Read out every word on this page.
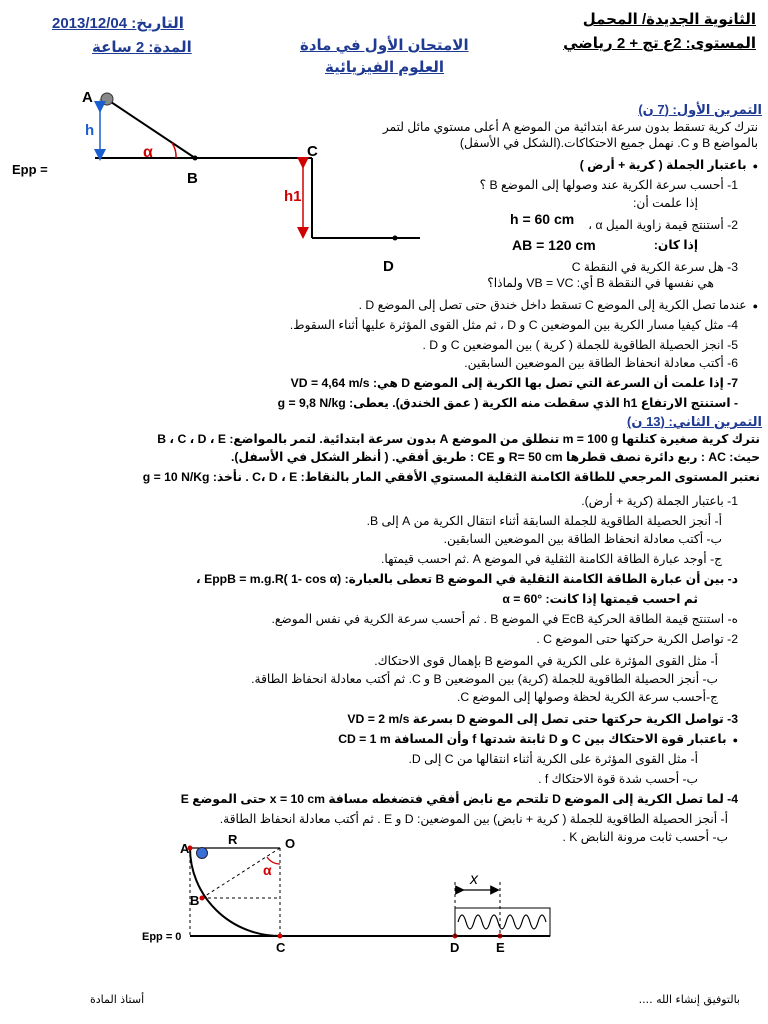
الثانوية الجديدة/ المحمل
المستوى: 2ع تج + 2 رياضي
الامتحان الأول في مادة
العلوم الفيزيائية
التاريخ: 2013/12/04
المدة: 2 ساعة
A
B
C
D
h
h1
α
Epp =
التمرين الأول: (7 ن)
نترك كرية تسقط بدون سرعة ابتدائية من الموضع A أعلى مستوي مائل لتمر
بالمواضع B و C. نهمل جميع الاحتكاكات.(الشكل في الأسفل)
● باعتبار الجملة ( كرية + أرض )
1- أحسب سرعة الكرية عند وصولها إلى الموضع B ؟
إذا علمت أن:
h = 60 cm 2- أستنتج قيمة زاوية الميل α ،
إذا كان:
AB = 120 cm
3- هل سرعة الكرية في النقطة C
هي نفسها في النقطة B أي: VB = VC ولماذا؟
● عندما تصل الكرية إلى الموضع C تسقط داخل خندق حتى تصل إلى الموضع D .
4- مثل كيفيا مسار الكرية بين الموضعين C و D ، ثم مثل القوى المؤثرة عليها أثناء السقوط.
5- انجز الحصيلة الطاقوية للجملة ( كرية ) بين الموضعين C و D .
6- أكتب معادلة انحفاظ الطاقة بين الموضعين السابقين.
7- إذا علمت أن السرعة التي تصل بها الكرية إلى الموضع D هي: VD = 4,64 m/s
- استنتج الارتفاع h1 الذي سقطت منه الكرية ( عمق الخندق). يعطى: g = 9,8 N/kg
التمرين الثاني: (13 ن)
نترك كرية صغيرة كتلتها m = 100 g تنطلق من الموضع A بدون سرعة ابتدائية. لتمر بالمواضع: B ، C ، D ، E
حيث: AC : ربع دائرة نصف قطرها R= 50 cm و CE : طريق أفقي. ( أنظر الشكل في الأسفل).
نعتبر المستوى المرجعي للطاقة الكامنة الثقلية المستوي الأفقي المار بالنقاط: C، D ، E . نأخذ: g = 10 N/Kg
1- باعتبار الجملة (كرية + أرض).
أ- أنجز الحصيلة الطاقوية للجملة السابقة أثناء انتقال الكرية من A إلى B.
ب- أكتب معادلة انحفاظ الطاقة بين الموضعين السابقين.
ج- أوجد عبارة الطاقة الكامنة الثقلية في الموضع A .ثم احسب قيمتها.
د- بين أن عبارة الطاقة الكامنة الثقلية في الموضع B تعطى بالعبارة: EppB = m.g.R( 1- cos α) ،
ثم احسب قيمتها إذا كانت: α = 60°
ه- استنتج قيمة الطاقة الحركية EcB في الموضع B . ثم أحسب سرعة الكرية في نفس الموضع.
2- تواصل الكرية حركتها حتى الموضع C .
أ- مثل القوى المؤثرة على الكرية في الموضع B بإهمال قوى الاحتكاك.
ب- أنجز الحصيلة الطاقوية للجملة (كرية) بين الموضعين B و C. ثم أكتب معادلة انحفاظ الطاقة.
ج-أحسب سرعة الكرية لحظة وصولها إلى الموضع C.
3- تواصل الكرية حركتها حتى تصل إلى الموضع D بسرعة VD = 2 m/s
● باعتبار قوة الاحتكاك بين C و D ثابتة شدتها f وأن المسافة CD = 1 m
أ- مثل القوى المؤثرة على الكرية أثناء انتقالها من C إلى D.
ب- أحسب شدة قوة الاحتكاك f .
4- لما تصل الكرية إلى الموضع D تلتحم مع نابض أفقي فتضغطه مسافة x = 10 cm حتى الموضع E
أ- أنجز الحصيلة الطاقوية للجملة ( كرية + نابض) بين الموضعين: D و E . ثم أكتب معادلة انحفاظ الطاقة.
ب- أحسب ثابت مرونة النابض K .
A	O
R
B
C	D	E
α
x
Epp = 0
أستاذ المادة	بالتوفيق إنشاء الله ....
